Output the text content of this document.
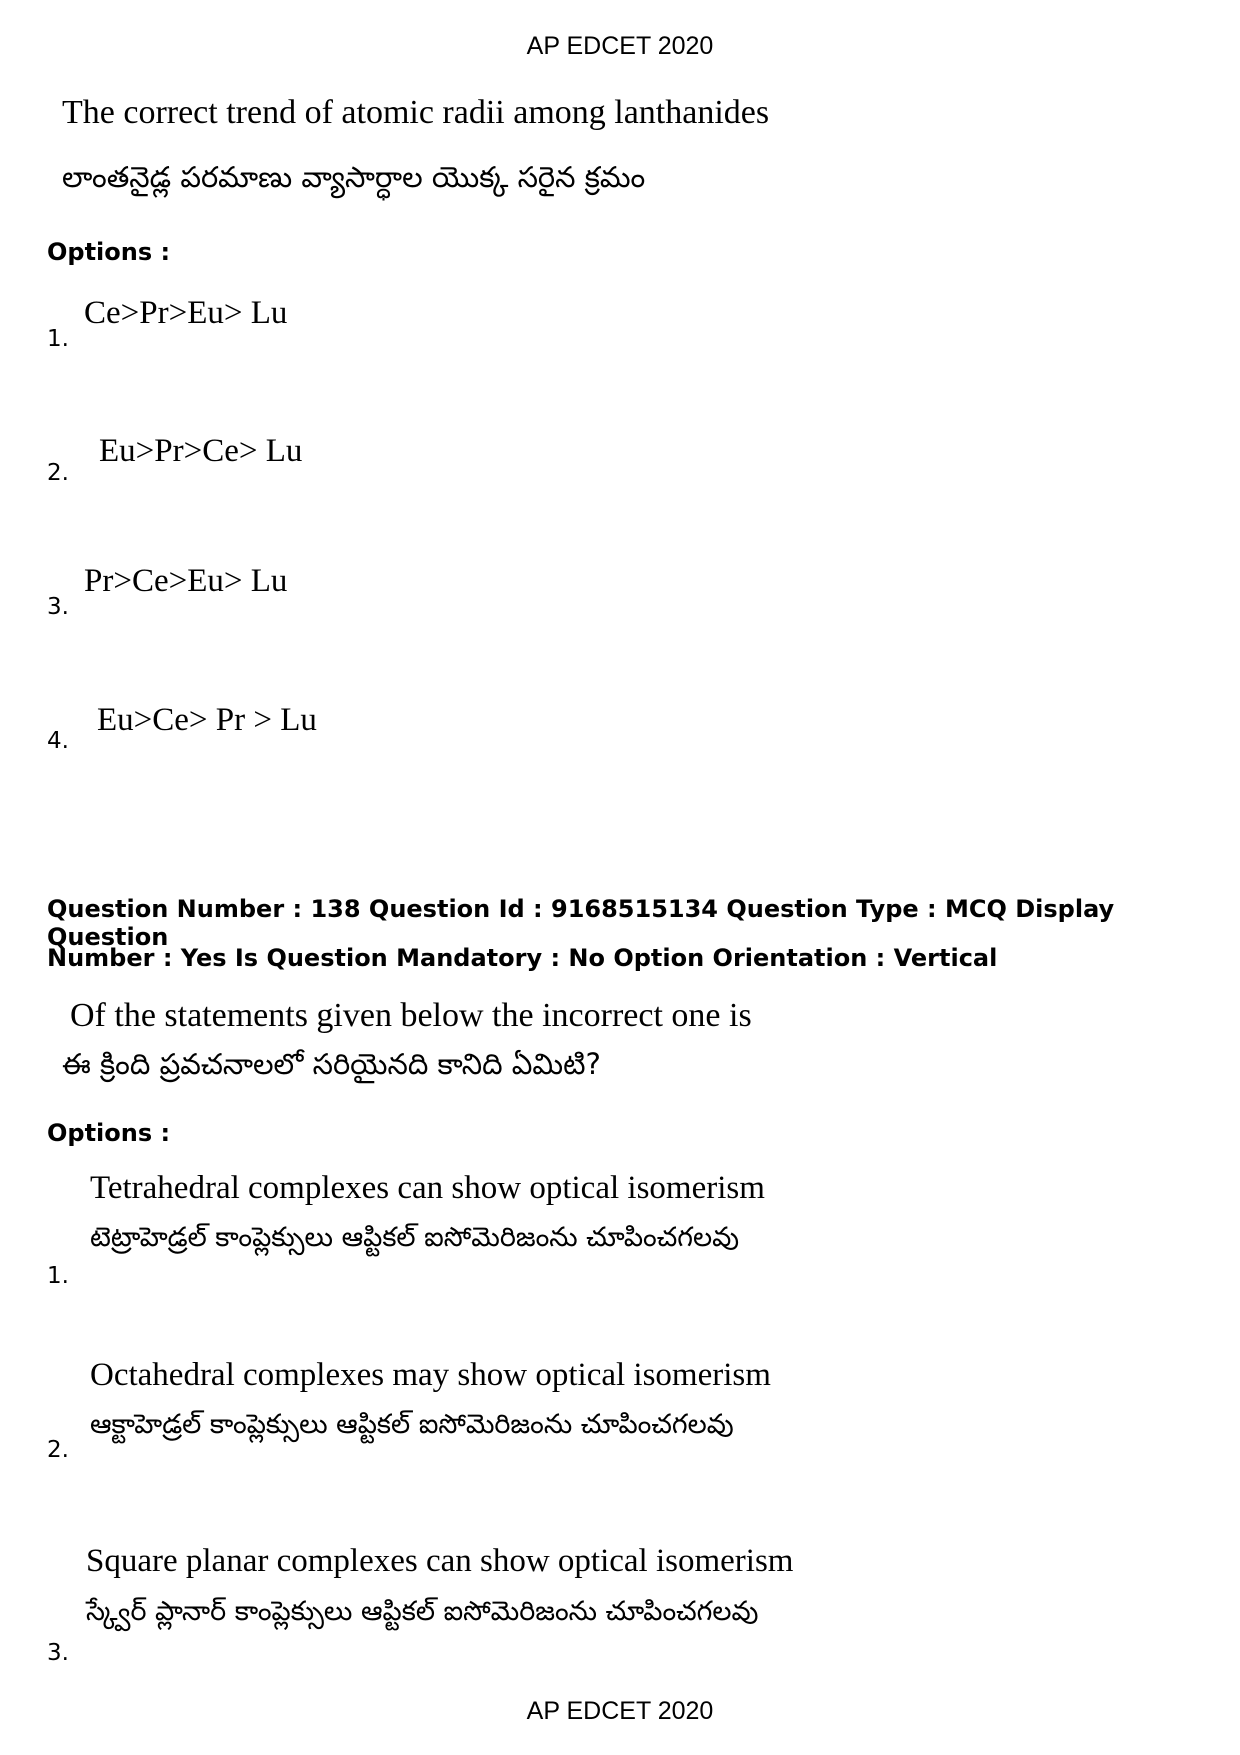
AP EDCET 2020
The correct trend of atomic radii among lanthanides
లాంతనైడ్ల పరమాణు వ్యాసార్ధాల యొక్క సరైన క్రమం
Options :
1.
Ce>Pr>Eu> Lu
2.
Eu>Pr>Ce> Lu
3.
Pr>Ce>Eu> Lu
4.
Eu>Ce> Pr > Lu
Question Number : 138 Question Id : 9168515134 Question Type : MCQ Display Question
Number : Yes Is Question Mandatory : No Option Orientation : Vertical
Of the statements given below the incorrect one is
ఈ క్రింది ప్రవచనాలలో సరియైనది కానిది ఏమిటి?
Options :
Tetrahedral complexes can show optical isomerism
టెట్రాహెడ్రల్ కాంప్లెక్సులు ఆప్టికల్ ఐసోమెరిజంను చూపించగలవు
1.
Octahedral complexes may show optical isomerism
ఆక్టాహెడ్రల్ కాంప్లెక్సులు ఆప్టికల్ ఐసోమెరిజంను చూపించగలవు
2.
Square planar complexes can show optical isomerism
స్క్వేర్ ప్లానార్ కాంప్లెక్సులు ఆప్టికల్ ఐసోమెరిజంను చూపించగలవు
3.
AP EDCET 2020
